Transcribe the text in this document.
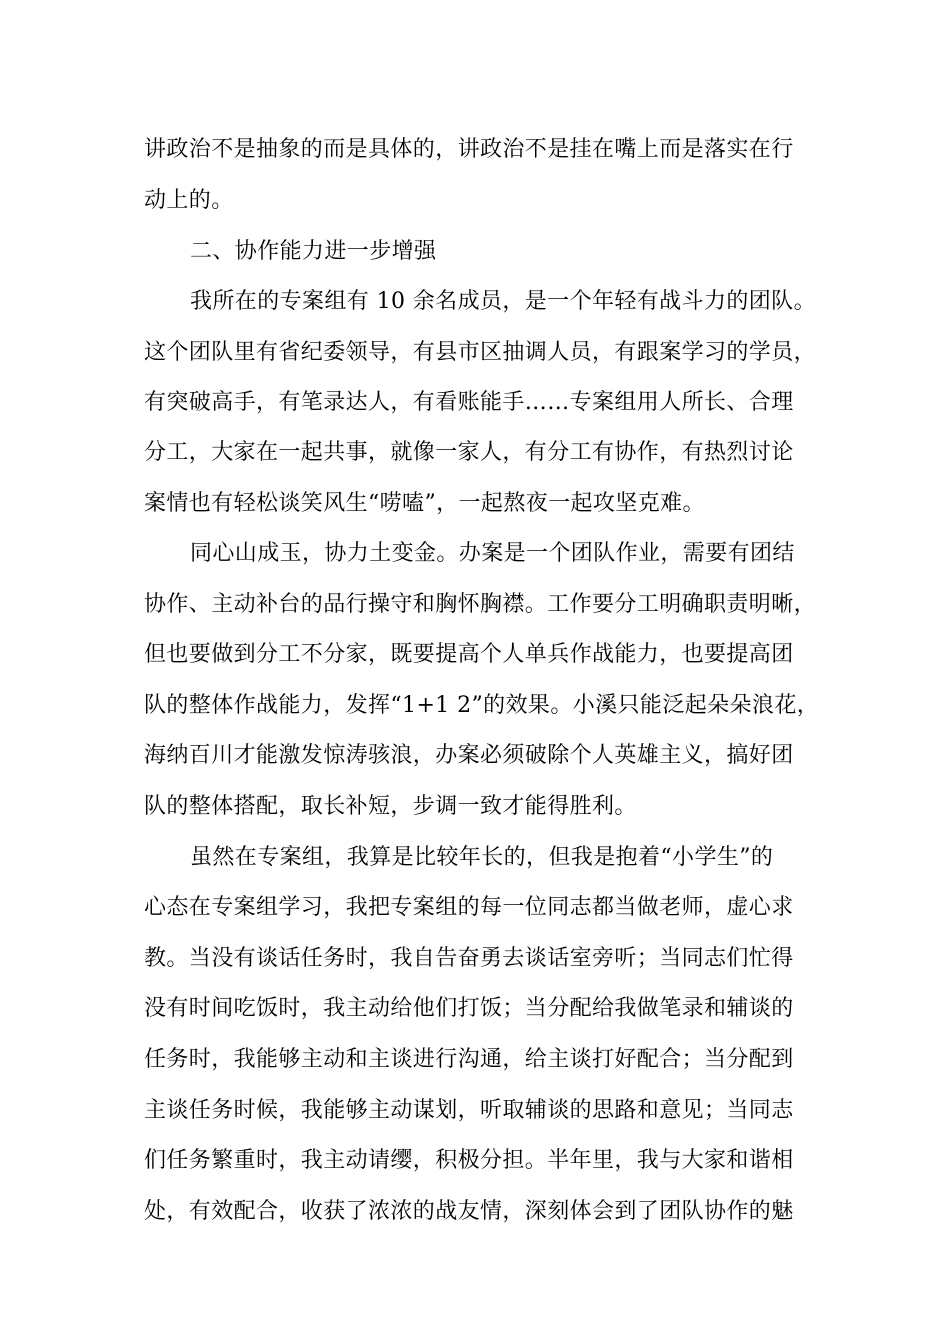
讲政治不是抽象的而是具体的，讲政治不是挂在嘴上而是落实在行
动上的。
二、协作能力进一步增强
我所在的专案组有 10 余名成员，是一个年轻有战斗力的团队。
这个团队里有省纪委领导，有县市区抽调人员，有跟案学习的学员，
有突破高手，有笔录达人，有看账能手……专案组用人所长、合理
分工，大家在一起共事，就像一家人，有分工有协作，有热烈讨论
案情也有轻松谈笑风生“唠嗑”，一起熬夜一起攻坚克难。
同心山成玉，协力土变金。办案是一个团队作业，需要有团结
协作、主动补台的品行操守和胸怀胸襟。工作要分工明确职责明晰，
但也要做到分工不分家，既要提高个人单兵作战能力，也要提高团
队的整体作战能力，发挥“1+1 2”的效果。小溪只能泛起朵朵浪花，
海纳百川才能激发惊涛骇浪，办案必须破除个人英雄主义，搞好团
队的整体搭配，取长补短，步调一致才能得胜利。
虽然在专案组，我算是比较年长的，但我是抱着“小学生”的
心态在专案组学习，我把专案组的每一位同志都当做老师，虚心求
教。当没有谈话任务时，我自告奋勇去谈话室旁听；当同志们忙得
没有时间吃饭时，我主动给他们打饭；当分配给我做笔录和辅谈的
任务时，我能够主动和主谈进行沟通，给主谈打好配合；当分配到
主谈任务时候，我能够主动谋划，听取辅谈的思路和意见；当同志
们任务繁重时，我主动请缨，积极分担。半年里，我与大家和谐相
处，有效配合，收获了浓浓的战友情，深刻体会到了团队协作的魅
